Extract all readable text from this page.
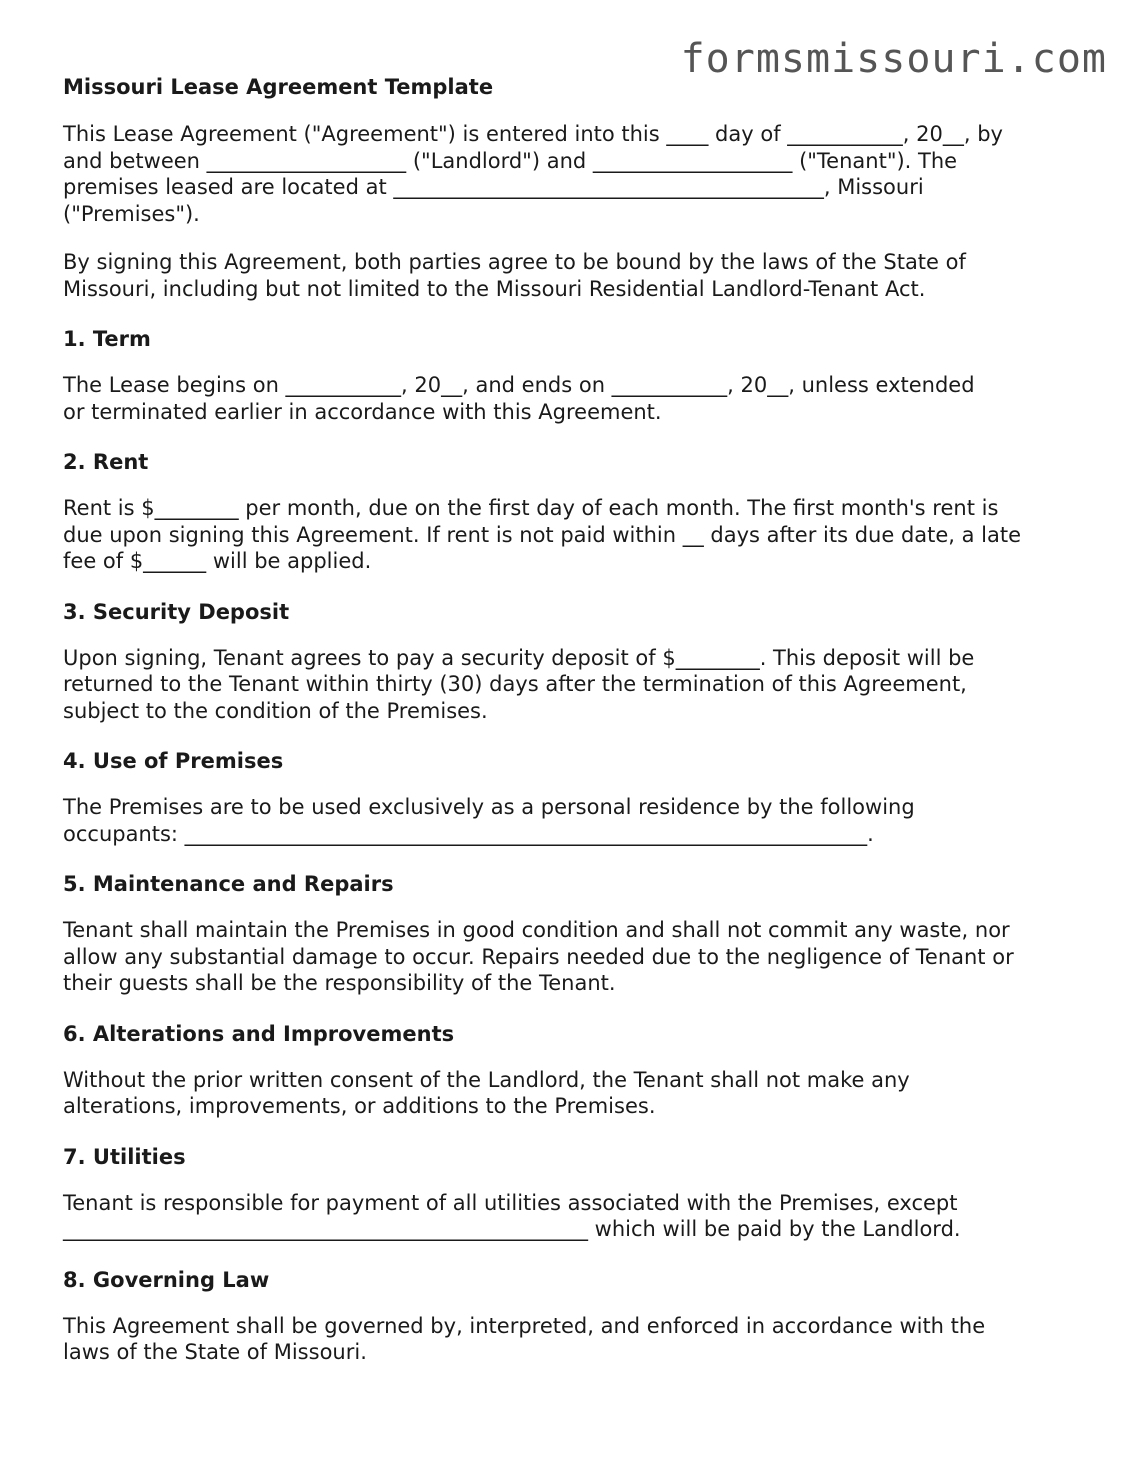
formsmissouri.com
Missouri Lease Agreement Template

This Lease Agreement ("Agreement") is entered into this ____ day of ___________, 20__, by
and between ___________________ ("Landlord") and ___________________ ("Tenant"). The
premises leased are located at _________________________________________, Missouri
("Premises").

By signing this Agreement, both parties agree to be bound by the laws of the State of
Missouri, including but not limited to the Missouri Residential Landlord-Tenant Act.

1. Term

The Lease begins on ___________, 20__, and ends on ___________, 20__, unless extended
or terminated earlier in accordance with this Agreement.

2. Rent

Rent is $________ per month, due on the first day of each month. The first month's rent is
due upon signing this Agreement. If rent is not paid within __ days after its due date, a late
fee of $______ will be applied.

3. Security Deposit

Upon signing, Tenant agrees to pay a security deposit of $________. This deposit will be
returned to the Tenant within thirty (30) days after the termination of this Agreement,
subject to the condition of the Premises.

4. Use of Premises

The Premises are to be used exclusively as a personal residence by the following
occupants: _________________________________________________________________.

5. Maintenance and Repairs

Tenant shall maintain the Premises in good condition and shall not commit any waste, nor
allow any substantial damage to occur. Repairs needed due to the negligence of Tenant or
their guests shall be the responsibility of the Tenant.

6. Alterations and Improvements

Without the prior written consent of the Landlord, the Tenant shall not make any
alterations, improvements, or additions to the Premises.

7. Utilities

Tenant is responsible for payment of all utilities associated with the Premises, except
__________________________________________________ which will be paid by the Landlord.

8. Governing Law

This Agreement shall be governed by, interpreted, and enforced in accordance with the
laws of the State of Missouri.
